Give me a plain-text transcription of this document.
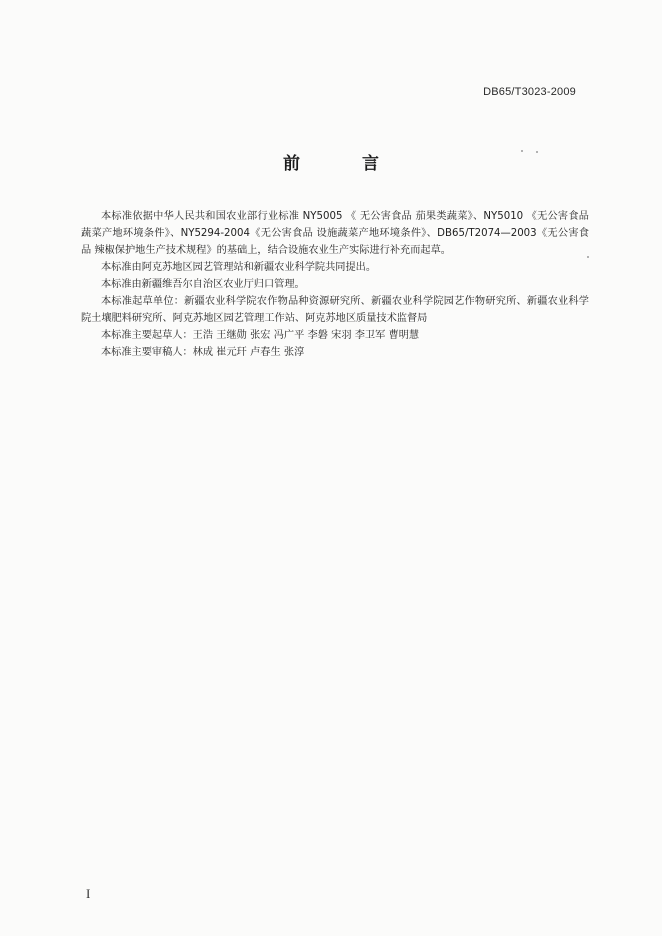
DB65/T3023-2009
前 言

本标准依据中华人民共和国农业部行业标准 NY5005 《 无公害食品 茄果类蔬菜》、NY5010 《无公害食品 蔬菜产地环境条件》、NY5294-2004《无公害食品 设施蔬菜产地环境条件》、DB65/T2074—2003《无公害食品 辣椒保护地生产技术规程》的基础上，结合设施农业生产实际进行补充而起草。

本标准由阿克苏地区园艺管理站和新疆农业科学院共同提出。

本标准由新疆维吾尔自治区农业厅归口管理。

本标准起草单位：新疆农业科学院农作物品种资源研究所、新疆农业科学院园艺作物研究所、新疆农业科学院土壤肥料研究所、阿克苏地区园艺管理工作站、阿克苏地区质量技术监督局

本标准主要起草人：王浩 王继勋 张宏 冯广平 李磐 宋羽 李卫军 曹明慧

本标准主要审稿人：林成 崔元玕 卢春生 张淳

I
